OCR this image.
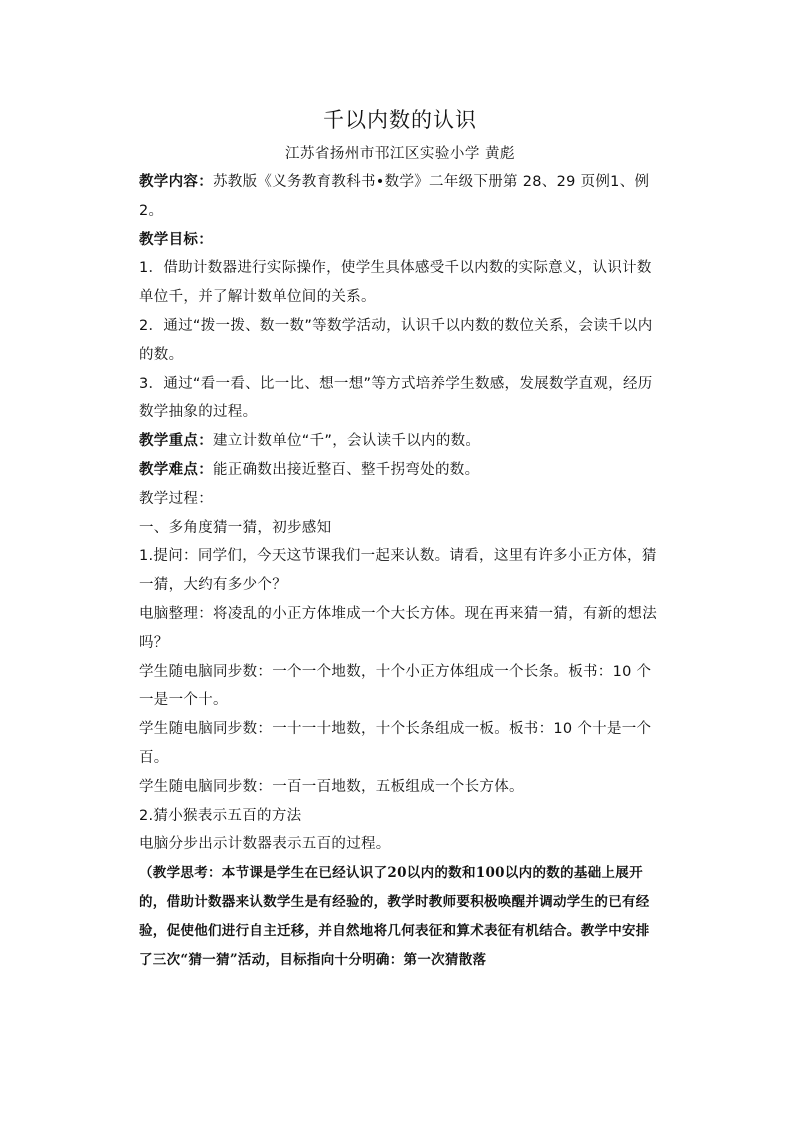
千以内数的认识
江苏省扬州市邗江区实验小学 黄彪

教学内容：苏教版《义务教育教科书•数学》二年级下册第 28、29 页例1、例2。

教学目标：

1．借助计数器进行实际操作，使学生具体感受千以内数的实际意义，认识计数单位千，并了解计数单位间的关系。

2．通过“拨一拨、数一数”等数学活动，认识千以内数的数位关系，会读千以内的数。

3．通过“看一看、比一比、想一想”等方式培养学生数感，发展数学直观，经历数学抽象的过程。

教学重点：建立计数单位“千”，会认读千以内的数。

教学难点：能正确数出接近整百、整千拐弯处的数。

教学过程：

一、多角度猜一猜，初步感知

1.提问：同学们，今天这节课我们一起来认数。请看，这里有许多小正方体，猜一猜，大约有多少个？

电脑整理：将凌乱的小正方体堆成一个大长方体。现在再来猜一猜，有新的想法吗？

学生随电脑同步数：一个一个地数，十个小正方体组成一个长条。板书：10 个一是一个十。

学生随电脑同步数：一十一十地数，十个长条组成一板。板书：10 个十是一个百。

学生随电脑同步数：一百一百地数，五板组成一个长方体。

2.猜小猴表示五百的方法

电脑分步出示计数器表示五百的过程。

（教学思考：本节课是学生在已经认识了20以内的数和100以内的数的基础上展开的，借助计数器来认数学生是有经验的，教学时教师要积极唤醒并调动学生的已有经验，促使他们进行自主迁移，并自然地将几何表征和算术表征有机结合。教学中安排了三次“猜一猜”活动，目标指向十分明确：第一次猜散落
